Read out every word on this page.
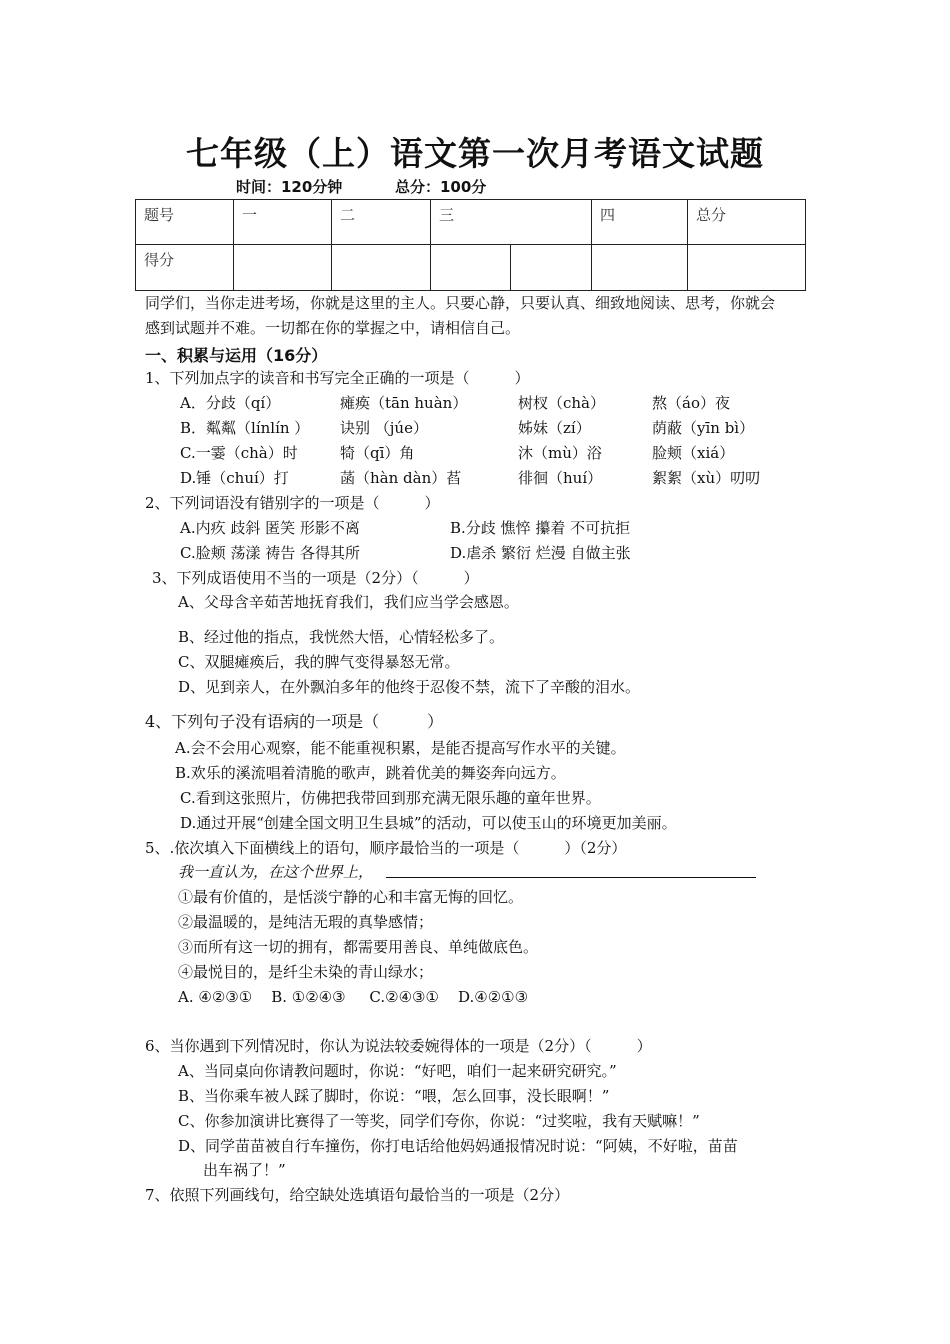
七年级（上）语文第一次月考语文试题
时间：120分钟	总分：100分
题号	一	二	三		四	总分
得分						
同学们，当你走进考场，你就是这里的主人。只要心静，只要认真、细致地阅读、思考，你就会
感到试题并不难。一切都在你的掌握之中，请相信自己。
一、积累与运用（16分）
1、下列加点字的读音和书写完全正确的一项是（　　　）
A．分歧（qí）	瘫痪（tān huàn）	树杈（chà）	熬（áo）夜
B．粼粼（línlín ） 诀别 （júe）	姊妹（zí）	荫蔽（yīn bì）
C.一霎（chà）时	犄（qī）角	沐（mù）浴	脸颊（xiá）
D.锤（chuí）打	菡（hàn dàn）萏	徘徊（huí）	絮絮（xù）叨叨
2、下列词语没有错别字的一项是（　　　）
A.内疚 歧斜 匿笑 形影不离	B.分歧 憔悴 攥着 不可抗拒
C.脸颊 荡漾 祷告 各得其所	D.虐杀 繁衍 烂漫 自做主张
3、下列成语使用不当的一项是（2分）（　　　）
A、父母含辛茹苦地抚育我们，我们应当学会感恩。
B、经过他的指点，我恍然大悟，心情轻松多了。
C、双腿瘫痪后，我的脾气变得暴怒无常。
D、见到亲人，在外飘泊多年的他终于忍俊不禁，流下了辛酸的泪水。
4、下列句子没有语病的一项是（　　　）
A.会不会用心观察，能不能重视积累，是能否提高写作水平的关键。
B.欢乐的溪流唱着清脆的歌声，跳着优美的舞姿奔向远方。
C.看到这张照片，仿佛把我带回到那充满无限乐趣的童年世界。
D.通过开展“创建全国文明卫生县城”的活动，可以使玉山的环境更加美丽。
5、.依次填入下面横线上的语句，顺序最恰当的一项是（　　　）（2分）
我一直认为，在这个世界上，
①最有价值的，是恬淡宁静的心和丰富无悔的回忆。
②最温暖的，是纯洁无瑕的真挚感情；
③而所有这一切的拥有，都需要用善良、单纯做底色。
④最悦目的，是纤尘未染的青山绿水；
A. ④②③①    B. ①②④③     C.②④③①    D.④②①③
6、当你遇到下列情况时，你认为说法较委婉得体的一项是（2分）（　　　）
A、当同桌向你请教问题时，你说：“好吧，咱们一起来研究研究。”
B、当你乘车被人踩了脚时，你说：“喂，怎么回事，没长眼啊！”
C、你参加演讲比赛得了一等奖，同学们夸你，你说：“过奖啦，我有天赋嘛！”
D、同学苗苗被自行车撞伤，你打电话给他妈妈通报情况时说：“阿姨，不好啦，苗苗
出车祸了！”
7、依照下列画线句，给空缺处选填语句最恰当的一项是（2分）
